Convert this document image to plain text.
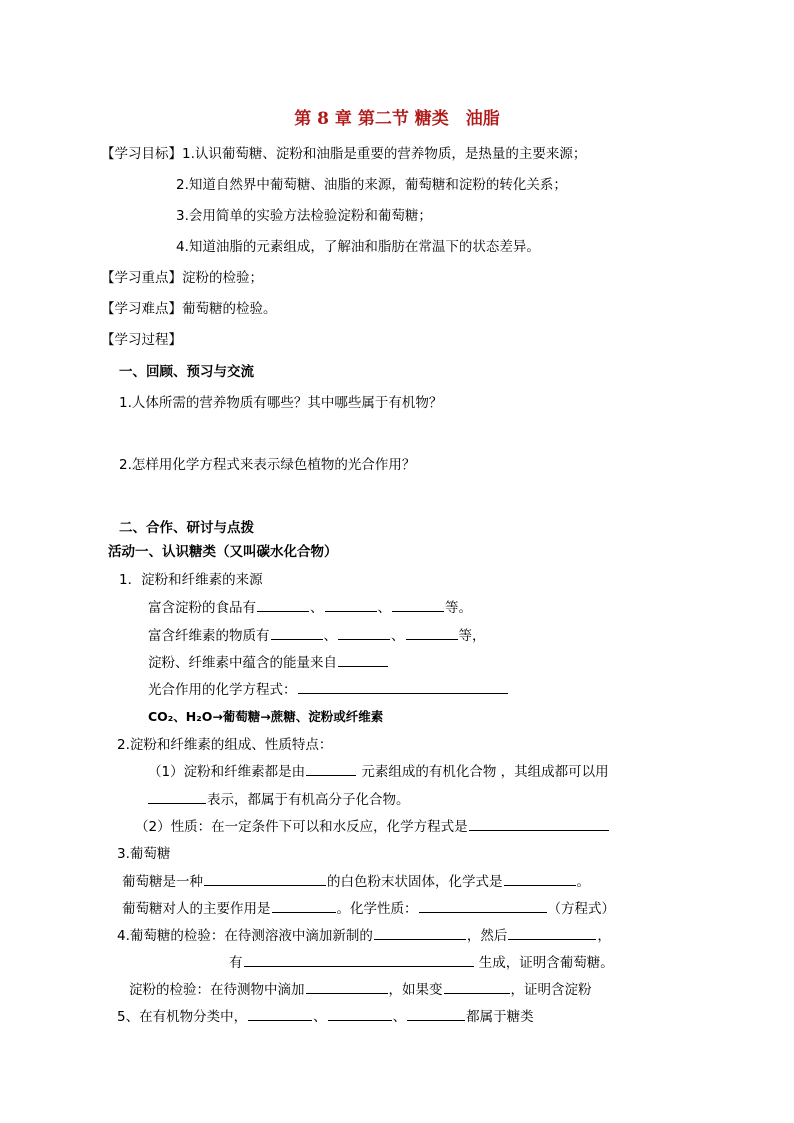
第 8 章 第二节 糖类　油脂
【学习目标】1.认识葡萄糖、淀粉和油脂是重要的营养物质，是热量的主要来源；
2.知道自然界中葡萄糖、油脂的来源，葡萄糖和淀粉的转化关系；
3.会用简单的实验方法检验淀粉和葡萄糖；
4.知道油脂的元素组成，了解油和脂肪在常温下的状态差异。
【学习重点】淀粉的检验；
【学习难点】葡萄糖的检验。
【学习过程】
一、回顾、预习与交流
1.人体所需的营养物质有哪些？其中哪些属于有机物？
2.怎样用化学方程式来表示绿色植物的光合作用？
二、合作、研讨与点拨
活动一、认识糖类（又叫碳水化合物）
1．淀粉和纤维素的来源
富含淀粉的食品有	、	、	等。
富含纤维素的物质有	、	、	等，
淀粉、纤维素中蕴含的能量来自
光合作用的化学方程式：
CO₂、H₂O→葡萄糖→蔗糖、淀粉或纤维素
2.淀粉和纤维素的组成、性质特点：
（1）淀粉和纤维素都是由	元素组成的有机化合物 ，其组成都可以用
表示，都属于有机高分子化合物。
（2）性质：在一定条件下可以和水反应，化学方程式是
3.葡萄糖
葡萄糖是一种	的白色粉末状固体，化学式是	。
葡萄糖对人的主要作用是	。化学性质：	（方程式）
4.葡萄糖的检验：在待测溶液中滴加新制的	，然后	，
有	生成，证明含葡萄糖。
淀粉的检验：在待测物中滴加	，如果变	，证明含淀粉
5、在有机物分类中，	、	、	都属于糖类
